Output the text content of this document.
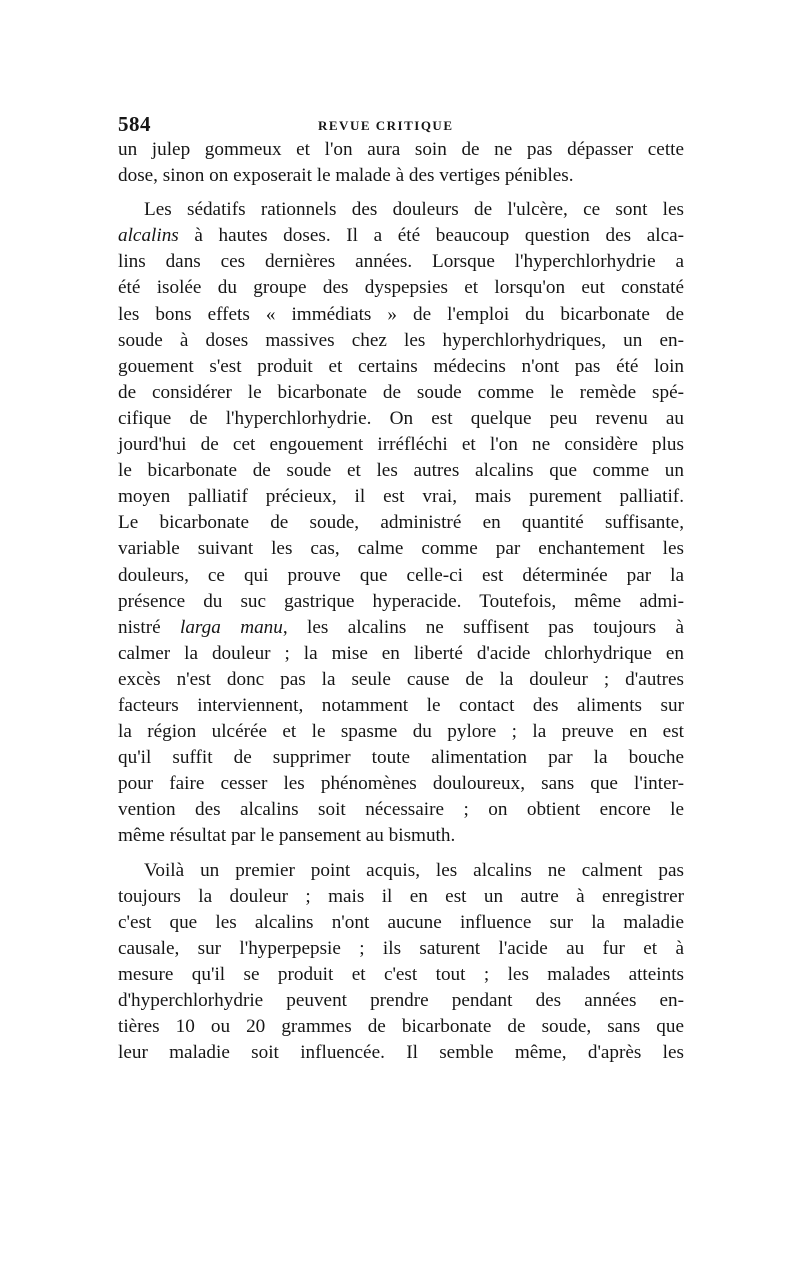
584	REVUE CRITIQUE

un julep gommeux et l'on aura soin de ne pas dépasser cette
dose, sinon on exposerait le malade à des vertiges pénibles.

Les sédatifs rationnels des douleurs de l'ulcère, ce sont les
alcalins à hautes doses. Il a été beaucoup question des alca-
lins dans ces dernières années. Lorsque l'hyperchlorhydrie a
été isolée du groupe des dyspepsies et lorsqu'on eut constaté
les bons effets « immédiats » de l'emploi du bicarbonate de
soude à doses massives chez les hyperchlorhydriques, un en-
gouement s'est produit et certains médecins n'ont pas été loin
de considérer le bicarbonate de soude comme le remède spé-
cifique de l'hyperchlorhydrie. On est quelque peu revenu au
jourd'hui de cet engouement irréfléchi et l'on ne considère plus
le bicarbonate de soude et les autres alcalins que comme un
moyen palliatif précieux, il est vrai, mais purement palliatif.
Le bicarbonate de soude, administré en quantité suffisante,
variable suivant les cas, calme comme par enchantement les
douleurs, ce qui prouve que celle-ci est déterminée par la
présence du suc gastrique hyperacide. Toutefois, même admi-
nistré larga manu, les alcalins ne suffisent pas toujours à
calmer la douleur ; la mise en liberté d'acide chlorhydrique en
excès n'est donc pas la seule cause de la douleur ; d'autres
facteurs interviennent, notamment le contact des aliments sur
la région ulcérée et le spasme du pylore ; la preuve en est
qu'il suffit de supprimer toute alimentation par la bouche
pour faire cesser les phénomènes douloureux, sans que l'inter-
vention des alcalins soit nécessaire ; on obtient encore le
même résultat par le pansement au bismuth.

Voilà un premier point acquis, les alcalins ne calment pas
toujours la douleur ; mais il en est un autre à enregistrer
c'est que les alcalins n'ont aucune influence sur la maladie
causale, sur l'hyperpepsie ; ils saturent l'acide au fur et à
mesure qu'il se produit et c'est tout ; les malades atteints
d'hyperchlorhydrie peuvent prendre pendant des années en-
tières 10 ou 20 grammes de bicarbonate de soude, sans que
leur maladie soit influencée. Il semble même, d'après les
